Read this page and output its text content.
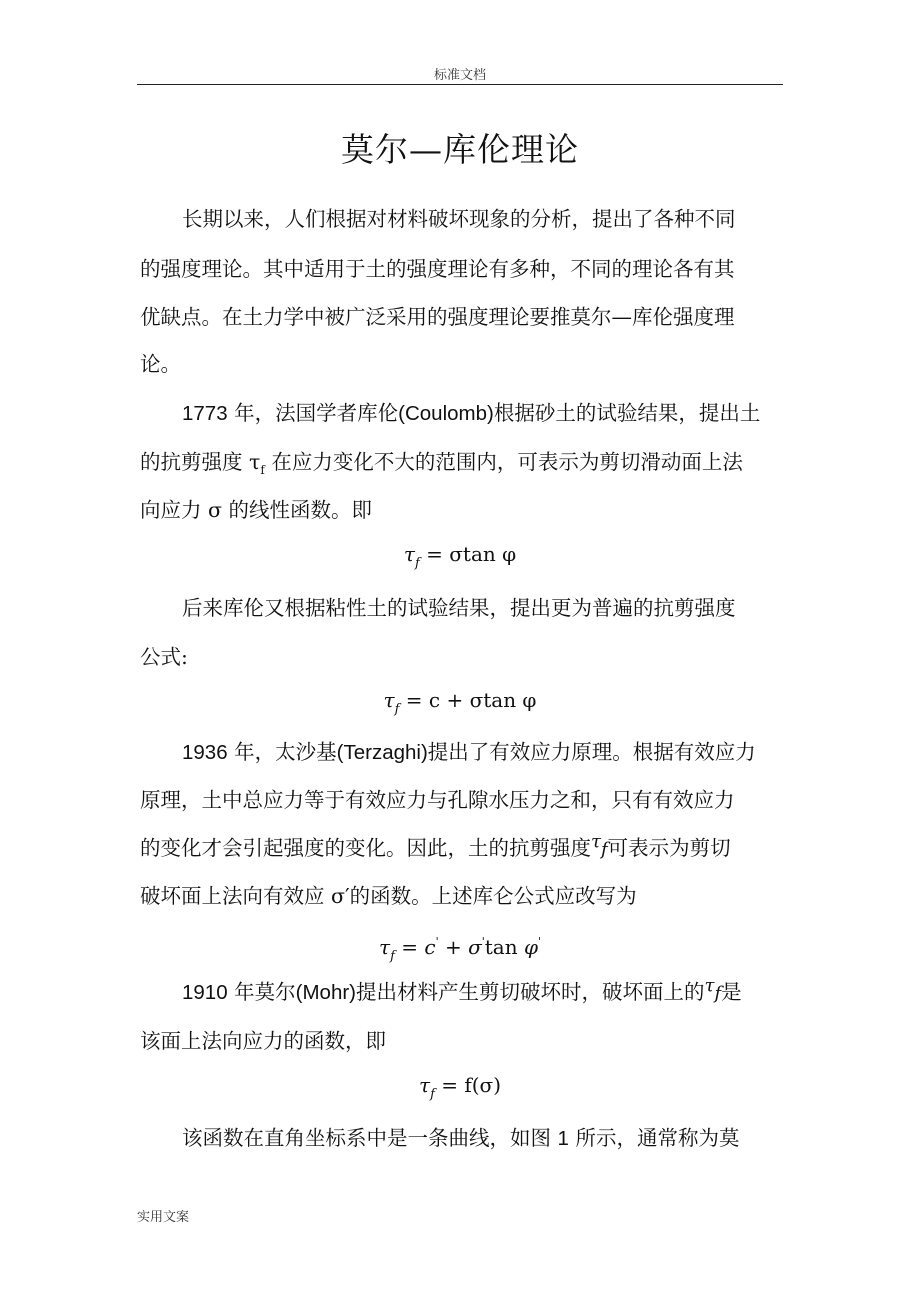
标准文档
莫尔—库伦理论
长期以来，人们根据对材料破坏现象的分析，提出了各种不同
的强度理论。其中适用于土的强度理论有多种，不同的理论各有其
优缺点。在土力学中被广泛采用的强度理论要推莫尔—库伦强度理
论。
1773 年，法国学者库伦(Coulomb)根据砂土的试验结果，提出土
的抗剪强度 $\tau_f$ 在应力变化不大的范围内，可表示为剪切滑动面上法
向应力 σ 的线性函数。即
$\tau_f = \sigma\tan$ φ
后来库伦又根据粘性土的试验结果，提出更为普遍的抗剪强度
公式:
$\tau_f = c + \sigma\tan$ φ
1936 年，太沙基(Terzaghi)提出了有效应力原理。根据有效应力
原理，土中总应力等于有效应力与孔隙水压力之和，只有有效应力
的变化才会引起强度的变化。因此，土的抗剪强度τf可表示为剪切
破坏面上法向有效应 σ′的函数。上述库仑公式应改写为
$\tau_f = c' + \sigma'\tan$ φ'
1910 年莫尔(Mohr)提出材料产生剪切破坏时，破坏面上的τf是
该面上法向应力的函数，即
$\tau_f = f(\sigma)$
该函数在直角坐标系中是一条曲线，如图 1 所示，通常称为莫
实用文案
